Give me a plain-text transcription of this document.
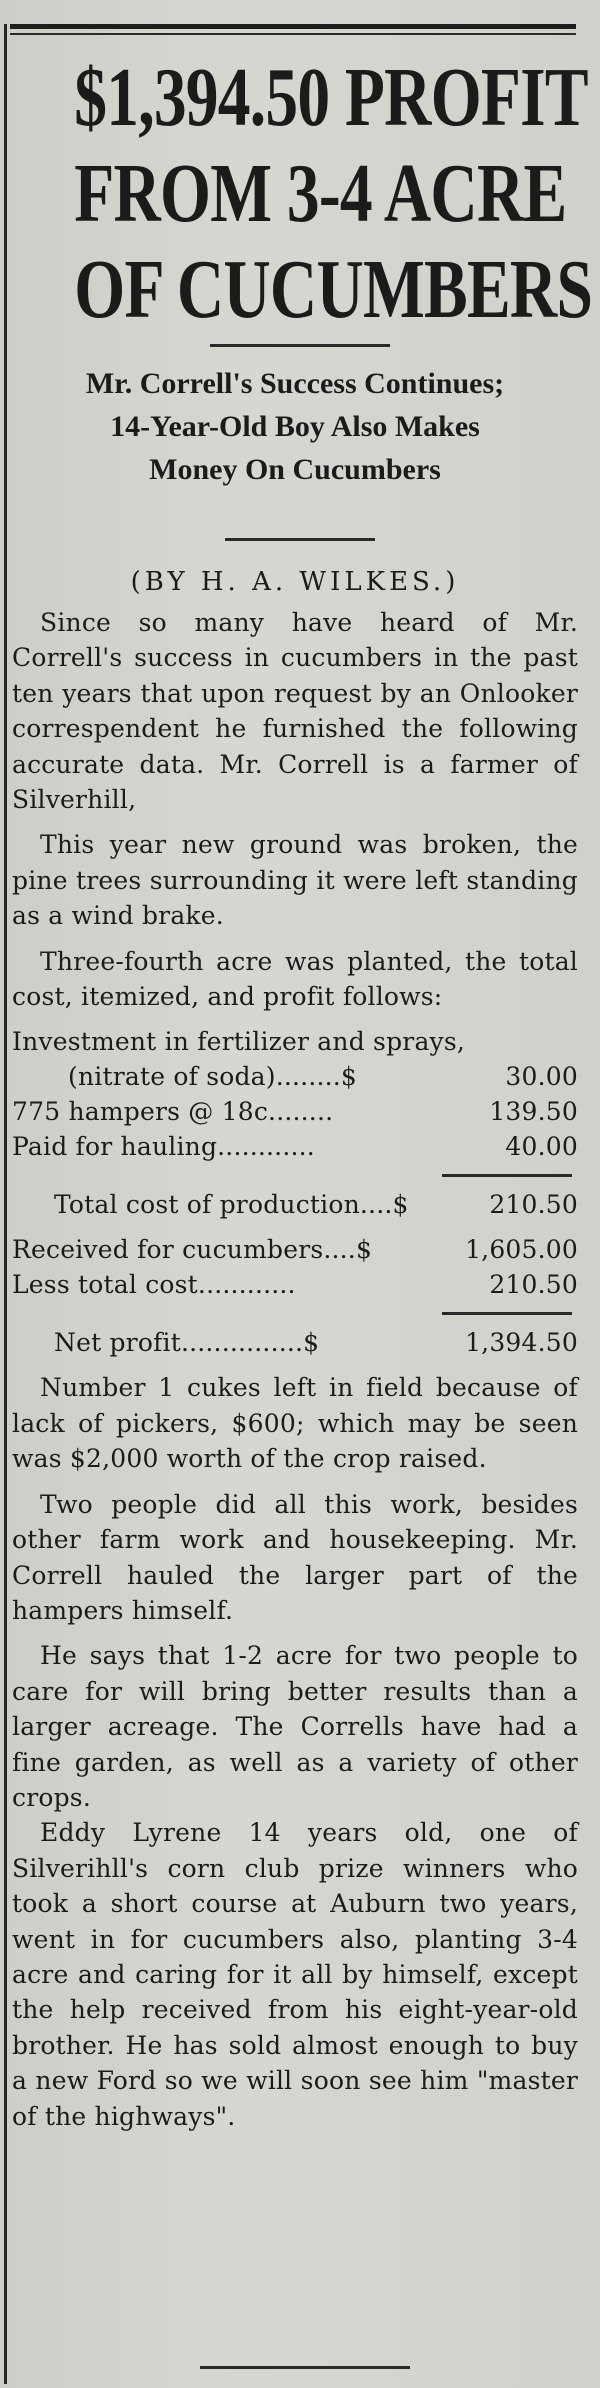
$1,394.50 PROFIT
FROM 3-4 ACRE
OF CUCUMBERS
Mr. Correll's Success Continues;
14-Year-Old Boy Also Makes
Money On Cucumbers
(BY H. A. WILKES.)

Since so many have heard of Mr. Correll's success in cucumbers in the past ten years that upon request by an Onlooker correspendent he furnished the following accurate data. Mr. Correll is a farmer of Silverhill,

This year new ground was broken, the pine trees surrounding it were left standing as a wind brake.

Three-fourth acre was planted, the total cost, itemized, and profit follows:

Investment in fertilizer and sprays,
(nitrate of soda)........$	30.00
775 hampers @ 18c........	139.50
Paid for hauling............	40.00
Total cost of production....$	210.50
Received for cucumbers....$	1,605.00
Less total cost............	210.50
Net profit...............$	1,394.50

Number 1 cukes left in field because of lack of pickers, $600; which may be seen was $2,000 worth of the crop raised.

Two people did all this work, besides other farm work and housekeeping. Mr. Correll hauled the larger part of the hampers himself.

He says that 1-2 acre for two people to care for will bring better results than a larger acreage. The Corrells have had a fine garden, as well as a variety of other crops.

Eddy Lyrene 14 years old, one of Silverihll's corn club prize winners who took a short course at Auburn two years, went in for cucumbers also, planting 3-4 acre and caring for it all by himself, except the help received from his eight-year-old brother. He has sold almost enough to buy a new Ford so we will soon see him "master of the highways".
